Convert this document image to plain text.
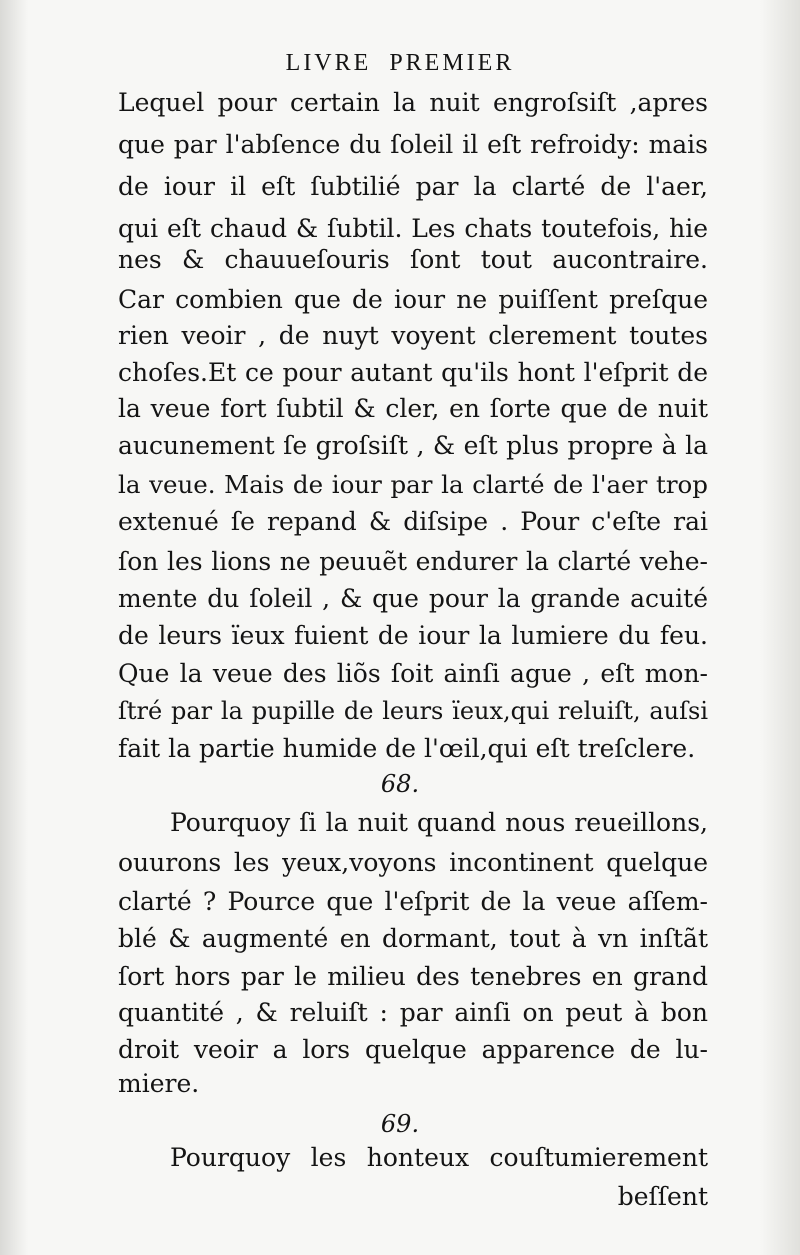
LIVRE PREMIER

Lequel pour certain la nuit engroſsiſt ,apres

que par l'abſence du ſoleil il eſt refroidy: mais

de iour il eſt ſubtilié par la clarté de l'aer,

qui eſt chaud & ſubtil. Les chats toutefois, hie

nes & chauueſouris ſont tout aucontraire.

Car combien que de iour ne puiſſent preſque

rien veoir , de nuyt voyent clerement toutes

choſes.Et ce pour autant qu'ils hont l'eſprit de

la veue fort ſubtil & cler, en ſorte que de nuit

aucunement ſe groſsiſt , & eſt plus propre à la

la veue. Mais de iour par la clarté de l'aer trop

extenué ſe repand & diſsipe . Pour c'eſte rai

ſon les lions ne peuuẽt endurer la clarté vehe-

mente du ſoleil , & que pour la grande acuité

de leurs ïeux fuient de iour la lumiere du feu.

Que la veue des liõs ſoit ainſi ague , eſt mon-

ſtré par la pupille de leurs ïeux,qui reluiſt, auſsi

fait la partie humide de l'œil,qui eſt treſclere.

68.

Pourquoy ſi la nuit quand nous reueillons,

ouurons les yeux,voyons incontinent quelque

clarté ? Pource que l'eſprit de la veue aſſem-

blé & augmenté en dormant, tout à vn inſtãt

ſort hors par le milieu des tenebres en grand

quantité , & reluiſt : par ainſi on peut à bon

droit veoir a lors quelque apparence de lu-

miere.

69.

Pourquoy les honteux couſtumierement

beſſent
